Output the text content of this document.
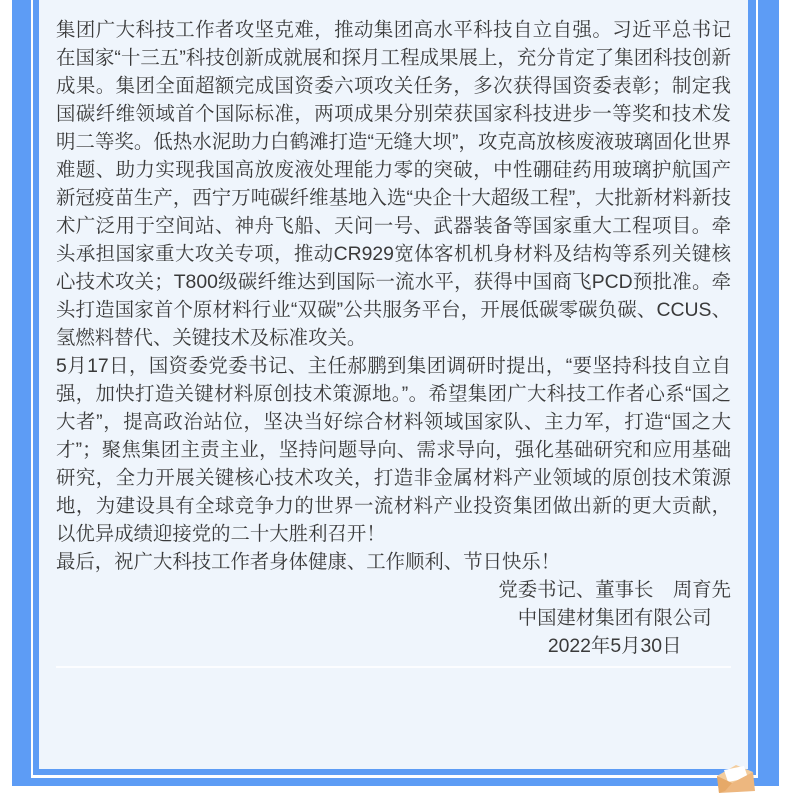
集团广大科技工作者攻坚克难，推动集团高水平科技自立自强。习近平总书记在国家“十三五”科技创新成就展和探月工程成果展上，充分肯定了集团科技创新成果。集团全面超额完成国资委六项攻关任务，多次获得国资委表彰；制定我国碳纤维领域首个国际标准，两项成果分别荣获国家科技进步一等奖和技术发明二等奖。低热水泥助力白鹤滩打造“无缝大坝”，攻克高放核废液玻璃固化世界难题、助力实现我国高放废液处理能力零的突破，中性硼硅药用玻璃护航国产新冠疫苗生产，西宁万吨碳纤维基地入选“央企十大超级工程”，大批新材料新技术广泛用于空间站、神舟飞船、天问一号、武器装备等国家重大工程项目。牵头承担国家重大攻关专项，推动CR929宽体客机机身材料及结构等系列关键核心技术攻关；T800级碳纤维达到国际一流水平，获得中国商飞PCD预批准。牵头打造国家首个原材料行业“双碳”公共服务平台，开展低碳零碳负碳、CCUS、氢燃料替代、关键技术及标准攻关。

5月17日，国资委党委书记、主任郝鹏到集团调研时提出，“要坚持科技自立自强，加快打造关键材料原创技术策源地。”。希望集团广大科技工作者心系“国之大者”，提高政治站位，坚决当好综合材料领域国家队、主力军，打造“国之大才”；聚焦集团主责主业，坚持问题导向、需求导向，强化基础研究和应用基础研究，全力开展关键核心技术攻关，打造非金属材料产业领域的原创技术策源地，为建设具有全球竞争力的世界一流材料产业投资集团做出新的更大贡献，以优异成绩迎接党的二十大胜利召开！

最后，祝广大科技工作者身体健康、工作顺利、节日快乐！

党委书记、董事长　周育先
中国建材集团有限公司
2022年5月30日
